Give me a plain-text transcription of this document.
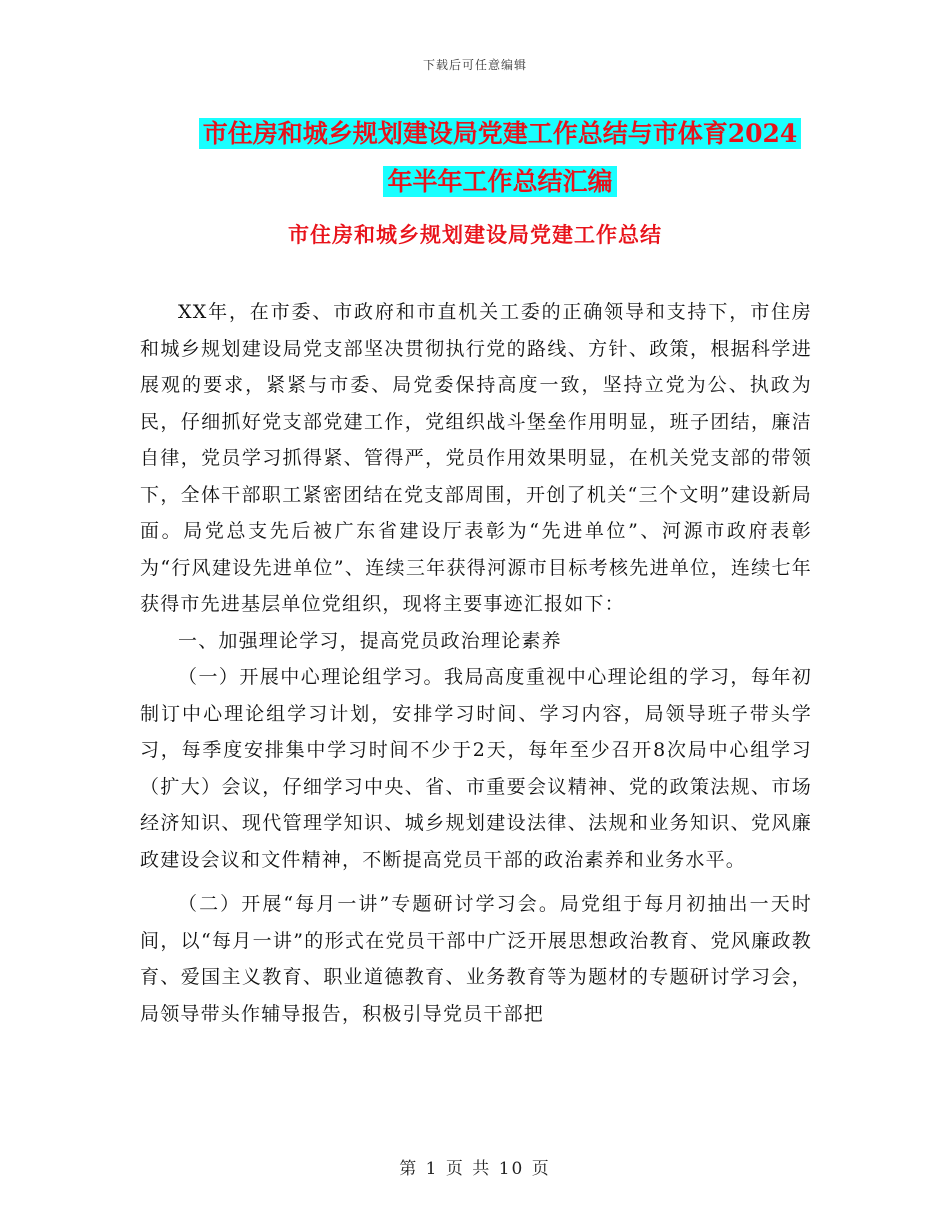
下载后可任意编辑
市住房和城乡规划建设局党建工作总结与市体育2024
年半年工作总结汇编
市住房和城乡规划建设局党建工作总结

XX年，在市委、市政府和市直机关工委的正确领导和支持下，市住房和城乡规划建设局党支部坚决贯彻执行党的路线、方针、政策，根据科学进展观的要求，紧紧与市委、局党委保持高度一致，坚持立党为公、执政为民，仔细抓好党支部党建工作，党组织战斗堡垒作用明显，班子团结，廉洁自律，党员学习抓得紧、管得严，党员作用效果明显，在机关党支部的带领下，全体干部职工紧密团结在党支部周围，开创了机关“三个文明”建设新局面。局党总支先后被广东省建设厅表彰为“先进单位”、河源市政府表彰为“行风建设先进单位”、连续三年获得河源市目标考核先进单位，连续七年获得市先进基层单位党组织，现将主要事迹汇报如下：

一、加强理论学习，提高党员政治理论素养

（一）开展中心理论组学习。我局高度重视中心理论组的学习，每年初制订中心理论组学习计划，安排学习时间、学习内容，局领导班子带头学习，每季度安排集中学习时间不少于2天，每年至少召开8次局中心组学习（扩大）会议，仔细学习中央、省、市重要会议精神、党的政策法规、市场经济知识、现代管理学知识、城乡规划建设法律、法规和业务知识、党风廉政建设会议和文件精神，不断提高党员干部的政治素养和业务水平。

（二）开展“每月一讲”专题研讨学习会。局党组于每月初抽出一天时间，以“每月一讲”的形式在党员干部中广泛开展思想政治教育、党风廉政教育、爱国主义教育、职业道德教育、业务教育等为题材的专题研讨学习会，局领导带头作辅导报告，积极引导党员干部把

第 1 页 共 10 页
